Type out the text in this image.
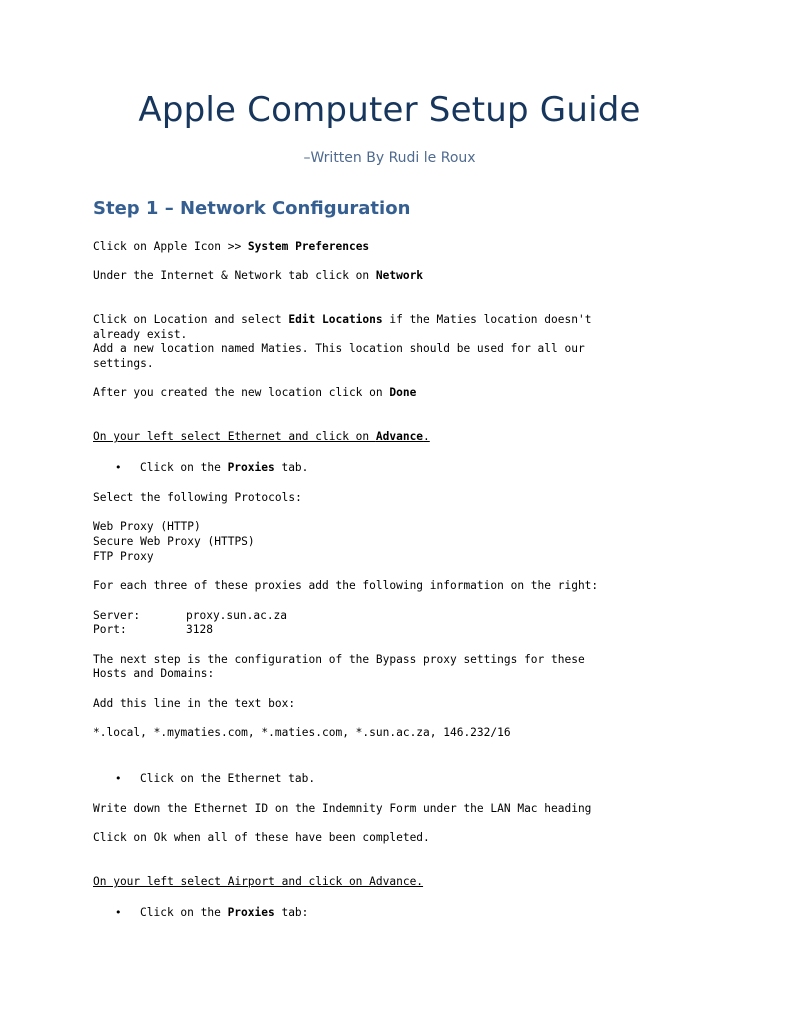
Apple Computer Setup Guide
–Written By Rudi le Roux
Step 1 – Network Configuration
Click on Apple Icon >> System Preferences
Under the Internet & Network tab click on Network
Click on Location and select Edit Locations if the Maties location doesn't
already exist.
Add a new location named Maties. This location should be used for all our
settings.
After you created the new location click on Done
On your left select Ethernet and click on Advance.
• Click on the Proxies tab.
Select the following Protocols:
Web Proxy (HTTP)
Secure Web Proxy (HTTPS)
FTP Proxy
For each three of these proxies add the following information on the right:
Server:	proxy.sun.ac.za
Port:	3128
The next step is the configuration of the Bypass proxy settings for these
Hosts and Domains:
Add this line in the text box:
*.local, *.mymaties.com, *.maties.com, *.sun.ac.za, 146.232/16
• Click on the Ethernet tab.
Write down the Ethernet ID on the Indemnity Form under the LAN Mac heading
Click on Ok when all of these have been completed.
On your left select Airport and click on Advance.
• Click on the Proxies tab:
